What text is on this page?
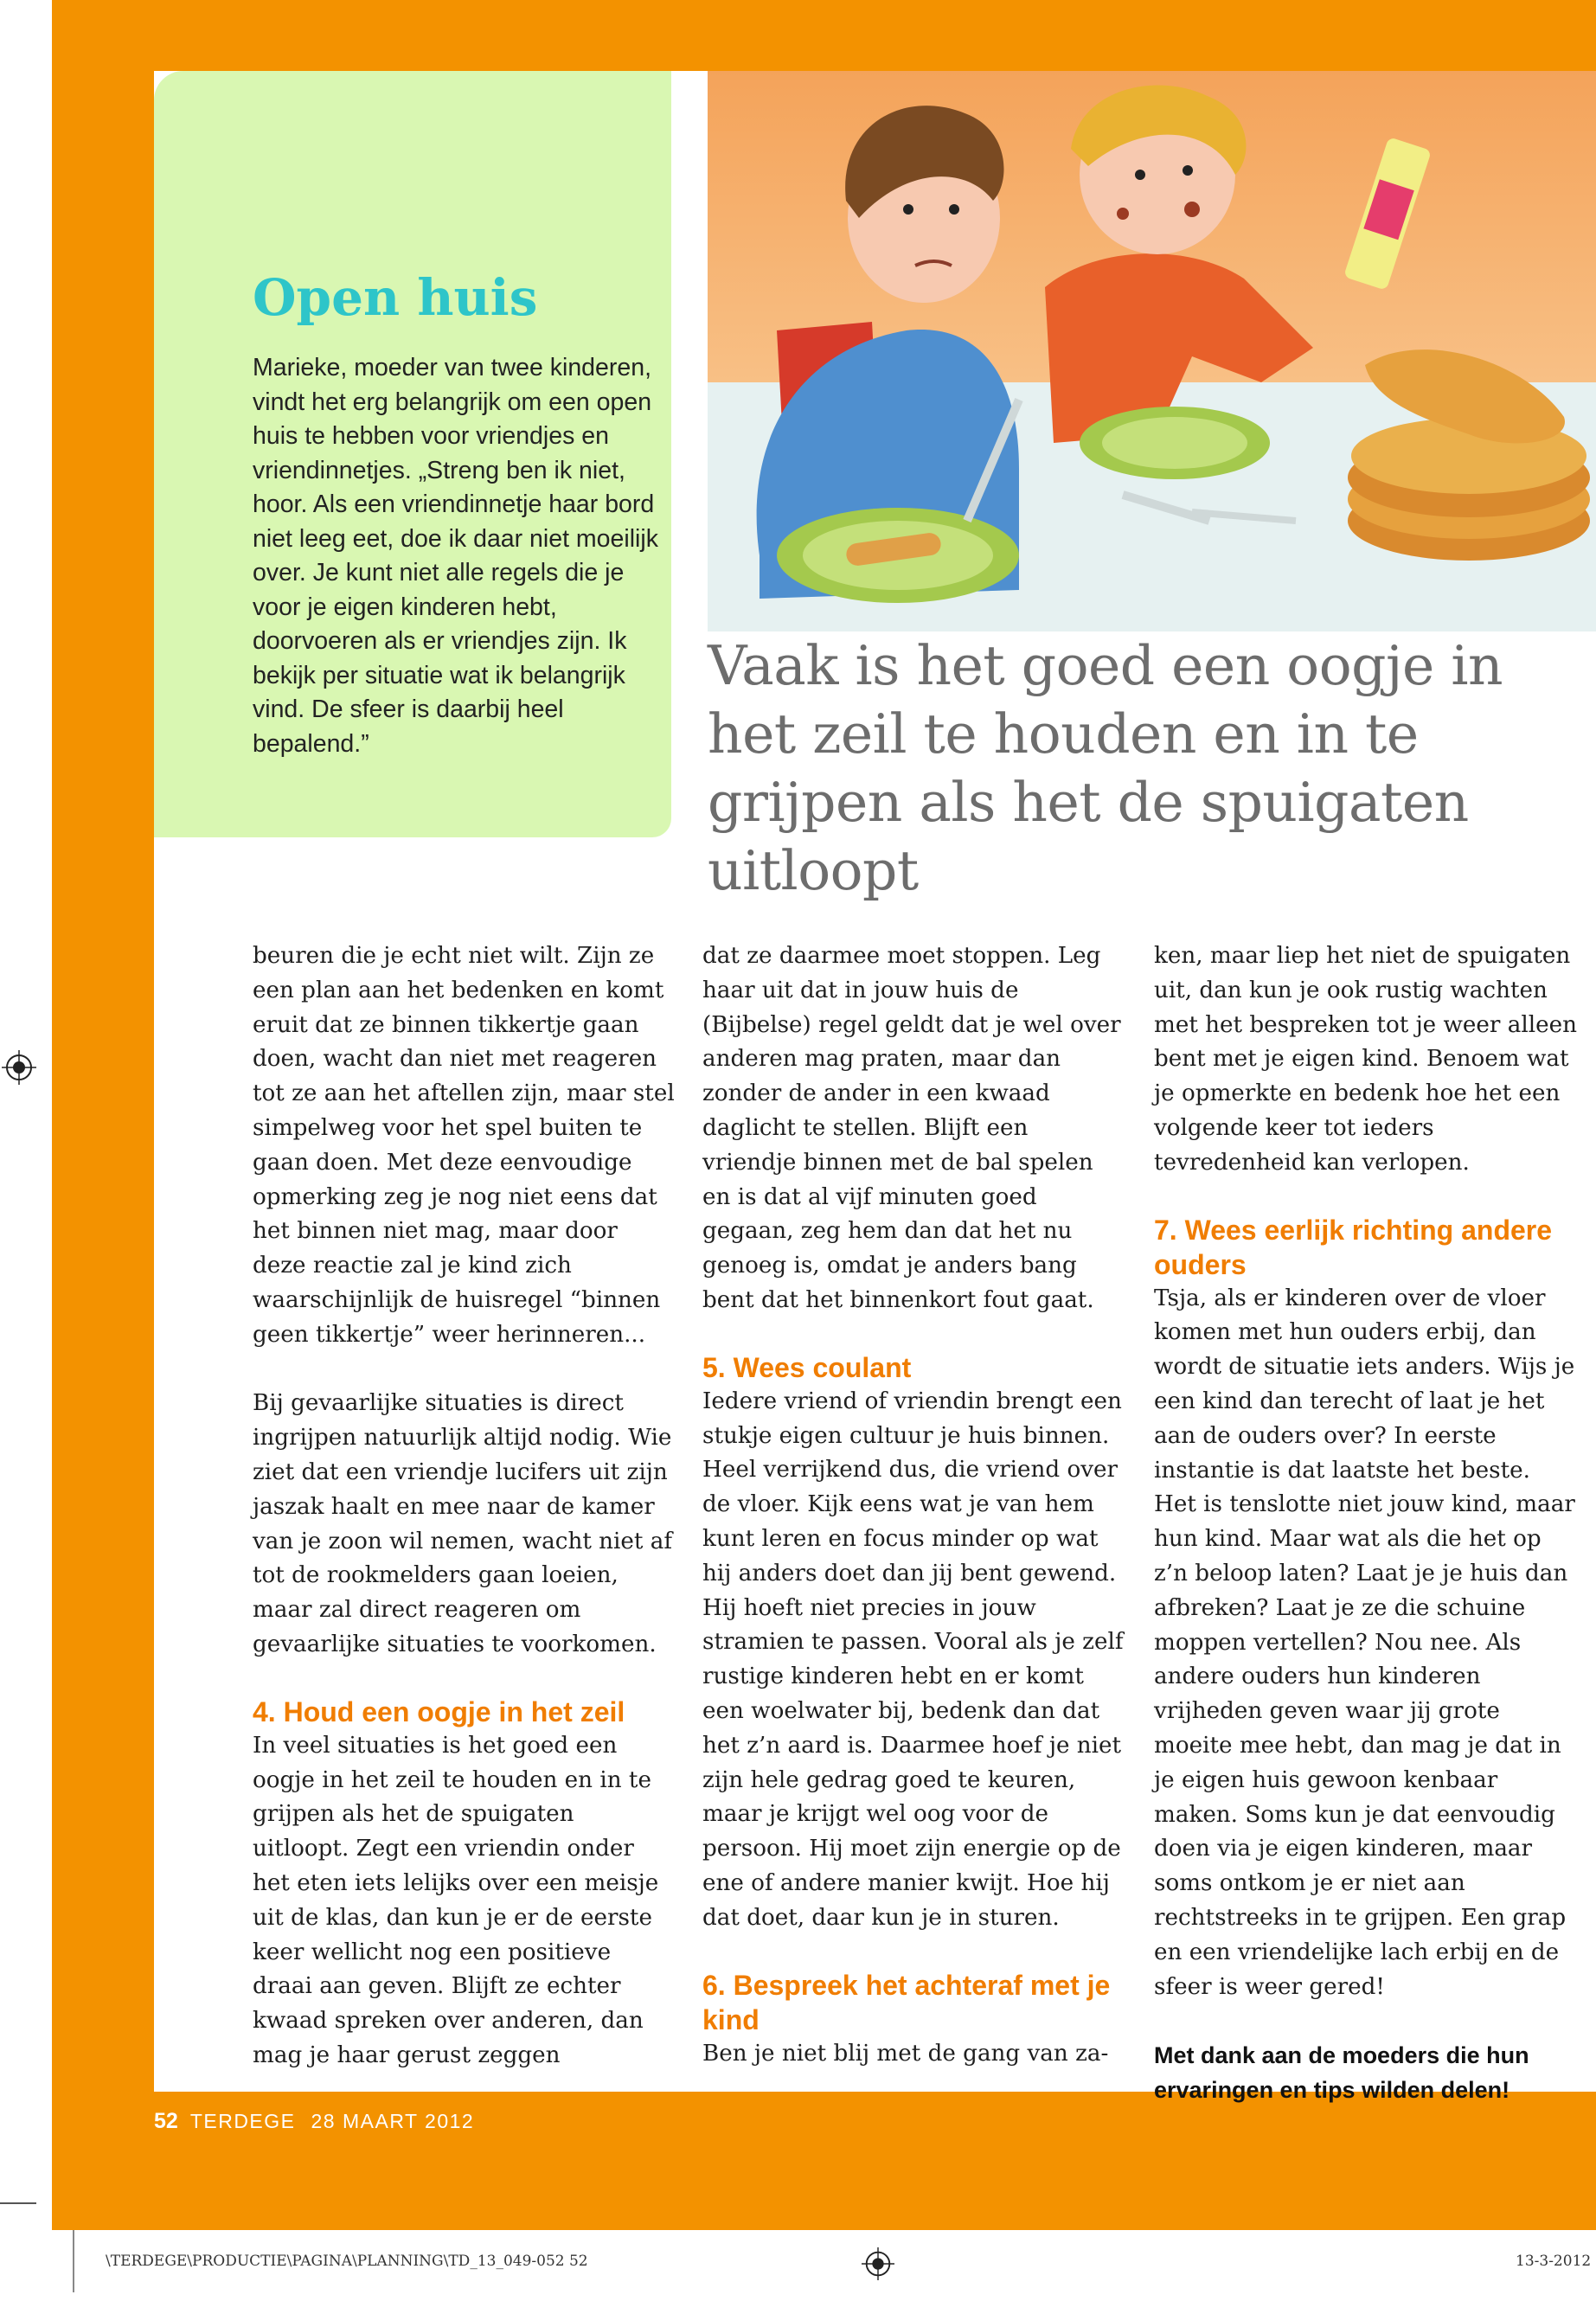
Open huis

Marieke, moeder van twee kinderen, vindt het erg belangrijk om een open huis te hebben voor vriendjes en vriendinnetjes. „Streng ben ik niet, hoor. Als een vriendinnetje haar bord niet leeg eet, doe ik daar niet moeilijk over. Je kunt niet alle regels die je voor je eigen kinderen hebt, doorvoeren als er vriendjes zijn. Ik bekijk per situatie wat ik belangrijk vind. De sfeer is daarbij heel bepalend.”

Vaak is het goed een oogje in het zeil te houden en in te grijpen als het de spuigaten uitloopt

beuren die je echt niet wilt. Zijn ze een plan aan het bedenken en komt eruit dat ze binnen tikkertje gaan doen, wacht dan niet met reageren tot ze aan het aftellen zijn, maar stel simpelweg voor het spel buiten te gaan doen. Met deze eenvoudige opmerking zeg je nog niet eens dat het binnen niet mag, maar door deze reactie zal je kind zich waarschijnlijk de huisregel “binnen geen tikkertje” weer herinneren...

Bij gevaarlijke situaties is direct ingrijpen natuurlijk altijd nodig. Wie ziet dat een vriendje lucifers uit zijn jaszak haalt en mee naar de kamer van je zoon wil nemen, wacht niet af tot de rookmelders gaan loeien, maar zal direct reageren om gevaarlijke situaties te voorkomen.

4. Houd een oogje in het zeil

In veel situaties is het goed een oogje in het zeil te houden en in te grijpen als het de spuigaten uitloopt. Zegt een vriendin onder het eten iets lelijks over een meisje uit de klas, dan kun je er de eerste keer wellicht nog een positieve draai aan geven. Blijft ze echter kwaad spreken over anderen, dan mag je haar gerust zeggen

dat ze daarmee moet stoppen. Leg haar uit dat in jouw huis de (Bijbelse) regel geldt dat je wel over anderen mag praten, maar dan zonder de ander in een kwaad daglicht te stellen. Blijft een vriendje binnen met de bal spelen en is dat al vijf minuten goed gegaan, zeg hem dan dat het nu genoeg is, omdat je anders bang bent dat het binnenkort fout gaat.

5. Wees coulant

Iedere vriend of vriendin brengt een stukje eigen cultuur je huis binnen. Heel verrijkend dus, die vriend over de vloer. Kijk eens wat je van hem kunt leren en focus minder op wat hij anders doet dan jij bent gewend. Hij hoeft niet precies in jouw stramien te passen. Vooral als je zelf rustige kinderen hebt en er komt een woelwater bij, bedenk dan dat het z’n aard is. Daarmee hoef je niet zijn hele gedrag goed te keuren, maar je krijgt wel oog voor de persoon. Hij moet zijn energie op de ene of andere manier kwijt. Hoe hij dat doet, daar kun je in sturen.

6. Bespreek het achteraf met je kind

Ben je niet blij met de gang van za-

ken, maar liep het niet de spuigaten uit, dan kun je ook rustig wachten met het bespreken tot je weer alleen bent met je eigen kind. Benoem wat je opmerkte en bedenk hoe het een volgende keer tot ieders tevredenheid kan verlopen.

7. Wees eerlijk richting andere ouders

Tsja, als er kinderen over de vloer komen met hun ouders erbij, dan wordt de situatie iets anders. Wijs je een kind dan terecht of laat je het aan de ouders over? In eerste instantie is dat laatste het beste. Het is tenslotte niet jouw kind, maar hun kind. Maar wat als die het op z’n beloop laten? Laat je je huis dan afbreken? Laat je ze die schuine moppen vertellen? Nou nee. Als andere ouders hun kinderen vrijheden geven waar jij grote moeite mee hebt, dan mag je dat in je eigen huis gewoon kenbaar maken. Soms kun je dat eenvoudig doen via je eigen kinderen, maar soms ontkom je er niet aan rechtstreeks in te grijpen. Een grap en een vriendelijke lach erbij en de sfeer is weer gered!

Met dank aan de moeders die hun ervaringen en tips wilden delen!

52 TERDEGE 28 MAART 2012
\TERDEGE\PRODUCTIE\PAGINA\PLANNING\TD_13_049-052 52	13-3-2012
